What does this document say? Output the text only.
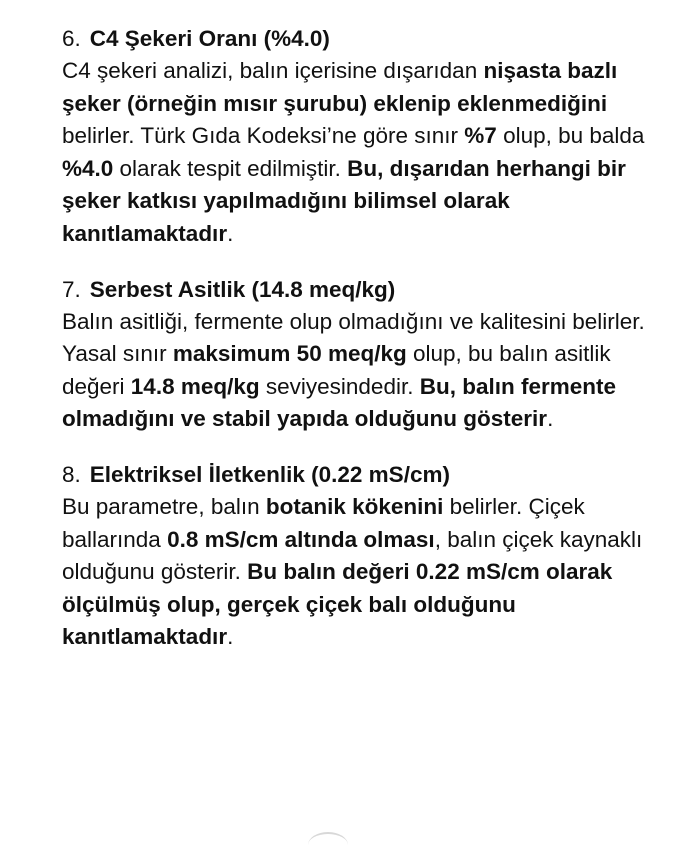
6. C4 Şekeri Oranı (%4.0)

C4 şekeri analizi, balın içerisine dışarıdan nişasta bazlı şeker (örneğin mısır şurubu) eklenip eklenmediğini belirler. Türk Gıda Kodeksi’ne göre sınır %7 olup, bu balda %4.0 olarak tespit edilmiştir. Bu, dışarıdan herhangi bir şeker katkısı yapılmadığını bilimsel olarak kanıtlamaktadır.

7. Serbest Asitlik (14.8 meq/kg)

Balın asitliği, fermente olup olmadığını ve kalitesini belirler. Yasal sınır maksimum 50 meq/kg olup, bu balın asitlik değeri 14.8 meq/kg seviyesindedir. Bu, balın fermente olmadığını ve stabil yapıda olduğunu gösterir.

8. Elektriksel İletkenlik (0.22 mS/cm)

Bu parametre, balın botanik kökenini belirler. Çiçek ballarında 0.8 mS/cm altında olması, balın çiçek kaynaklı olduğunu gösterir. Bu balın değeri 0.22 mS/cm olarak ölçülmüş olup, gerçek çiçek balı olduğunu kanıtlamaktadır.
